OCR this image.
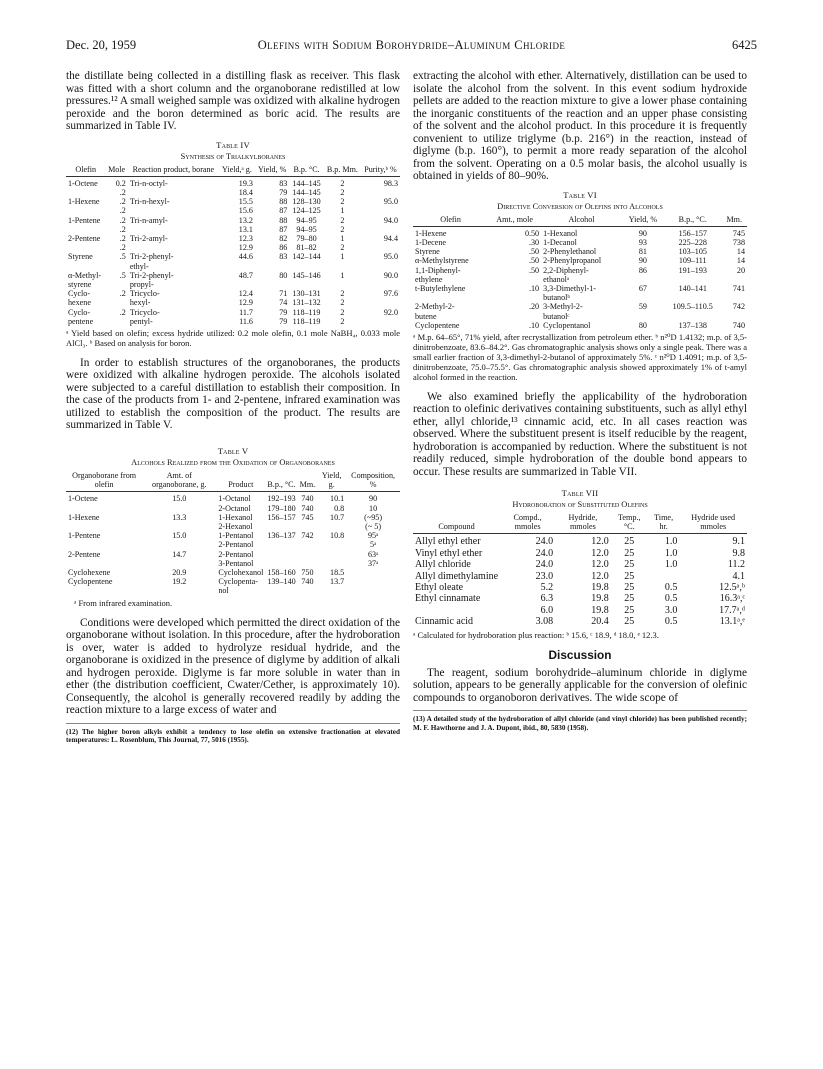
Dec. 20, 1959	Olefins with Sodium Borohydride–Aluminum Chloride	6425

the distillate being collected in a distilling flask as receiver. This flask was fitted with a short column and the organoborane redistilled at low pressures.¹² A small weighed sample was oxidized with alkaline hydrogen peroxide and the boron determined as boric acid. The results are summarized in Table IV.

Table IV
Synthesis of Trialkylboranes
Olefin	Mole	Reaction product, borane	Yield,ᵃ g.	Yield, %	B.p. °C.	B.p. Mm.	Purity,ᵇ %
1-Octene	0.2	Tri-n-octyl-	19.3	83	144–145	2	98.3
	.2		18.4	79	144–145	2	
1-Hexene	.2	Tri-n-hexyl-	15.5	88	128–130	2	95.0
	.2		15.6	87	124–125	1	
1-Pentene	.2	Tri-n-amyl-	13.2	88	94–95	2	94.0
	.2		13.1	87	94–95	2	
2-Pentene	.2	Tri-2-amyl-	12.3	82	79–80	1	94.4
	.2		12.9	86	81–82	2	
Styrene	.5	Tri-2-phenyl-	44.6	83	142–144	1	95.0
		ethyl-					
α-Methyl-	.5	Tri-2-phenyl-	48.7	80	145–146	1	90.0
styrene		propyl-					
Cyclo-	.2	Tricyclo-	12.4	71	130–131	2	97.6
hexene		hexyl-	12.9	74	131–132	2	
Cyclo-	.2	Tricyclo-	11.7	79	118–119	2	92.0
pentene		pentyl-	11.6	79	118–119	2	

ᵃ Yield based on olefin; excess hydride utilized: 0.2 mole olefin, 0.1 mole NaBH₄, 0.033 mole AlCl₃. ᵇ Based on analysis for boron.

In order to establish structures of the organoboranes, the products were oxidized with alkaline hydrogen peroxide. The alcohols isolated were subjected to a careful distillation to establish their composition. In the case of the products from 1- and 2-pentene, infrared examination was utilized to establish the composition of the product. The results are summarized in Table V.

Table V
Alcohols Realized from the Oxidation of Organoboranes
Organoborane from olefin	Amt. of organoborane, g.	Product	B.p., °C.	Mm.	Yield, g.	Composition, %
1-Octene	15.0	1-Octanol	192–193	740	10.1	90
		2-Octanol	179–180	740	0.8	10
1-Hexene	13.3	1-Hexanol	156–157	745	10.7	(~95)
		2-Hexanol				(~ 5)
1-Pentene	15.0	1-Pentanol	136–137	742	10.8	95ᵃ
		2-Pentanol				5ᵃ
2-Pentene	14.7	2-Pentanol				63ᵃ
		3-Pentanol				37ᵃ
Cyclohexene	20.9	Cyclohexanol	158–160	750	18.5	
Cyclopentene	19.2	Cyclopenta-	139–140	740	13.7	
		nol				

ᵃ From infrared examination.

Conditions were developed which permitted the direct oxidation of the organoborane without isolation. In this procedure, after the hydroboration is over, water is added to hydrolyze residual hydride, and the organoborane is oxidized in the presence of diglyme by addition of alkali and hydrogen peroxide. Diglyme is far more soluble in water than in ether (the distribution coefficient, Cwater/Cether, is approximately 10). Consequently, the alcohol is generally recovered readily by adding the reaction mixture to a large excess of water and

(12) The higher boron alkyls exhibit a tendency to lose olefin on extensive fractionation at elevated temperatures: L. Rosenblum, This Journal, 77, 5016 (1955).

extracting the alcohol with ether. Alternatively, distillation can be used to isolate the alcohol from the solvent. In this event sodium hydroxide pellets are added to the reaction mixture to give a lower phase containing the inorganic constituents of the reaction and an upper phase consisting of the solvent and the alcohol product. In this procedure it is frequently convenient to utilize triglyme (b.p. 216°) in the reaction, instead of diglyme (b.p. 160°), to permit a more ready separation of the alcohol from the solvent. Operating on a 0.5 molar basis, the alcohol usually is obtained in yields of 80–90%.

Table VI
Directive Conversion of Olefins into Alcohols
Olefin	Amt., mole	Alcohol	Yield, %	B.p., °C.	Mm.
1-Hexene	0.50	1-Hexanol	90	156–157	745
1-Decene	.30	1-Decanol	93	225–228	738
Styrene	.50	2-Phenylethanol	81	103–105	14
α-Methylstyrene	.50	2-Phenylpropanol	90	109–111	14
1,1-Diphenyl-	.50	2,2-Diphenyl-	86	191–193	20
ethylene		ethanolᵃ			
t-Butylethylene	.10	3,3-Dimethyl-1-	67	140–141	741
		butanolᵇ			
2-Methyl-2-	.20	3-Methyl-2-	59	109.5–110.5	742
butene		butanolᶜ			
Cyclopentene	.10	Cyclopentanol	80	137–138	740

ᵃ M.p. 64–65°, 71% yield, after recrystallization from petroleum ether. ᵇ n²⁰D 1.4132; m.p. of 3,5-dinitrobenzoate, 83.6–84.2°. Gas chromatographic analysis shows only a single peak. There was a small earlier fraction of 3,3-dimethyl-2-butanol of approximately 5%. ᶜ n²⁰D 1.4091; m.p. of 3,5-dinitrobenzoate, 75.0–75.5°. Gas chromatographic analysis showed approximately 1% of t-amyl alcohol formed in the reaction.

We also examined briefly the applicability of the hydroboration reaction to olefinic derivatives containing substituents, such as allyl ethyl ether, allyl chloride,¹³ cinnamic acid, etc. In all cases reaction was observed. Where the substituent present is itself reducible by the reagent, hydroboration is accompanied by reduction. Where the substituent is not readily reduced, simple hydroboration of the double bond appears to occur. These results are summarized in Table VII.

Table VII
Hydroboration of Substituted Olefins
Compound	Compd., mmoles	Hydride, mmoles	Temp., °C.	Time, hr.	Hydride used mmoles
Allyl ethyl ether	24.0	12.0	25	1.0	9.1
Vinyl ethyl ether	24.0	12.0	25	1.0	9.8
Allyl chloride	24.0	12.0	25	1.0	11.2
Allyl dimethylamine	23.0	12.0	25		4.1
Ethyl oleate	5.2	19.8	25	0.5	12.5ᵃ,ᵇ
Ethyl cinnamate	6.3	19.8	25	0.5	16.3ᵃ,ᶜ
	6.0	19.8	25	3.0	17.7ᵃ,ᵈ
Cinnamic acid	3.08	20.4	25	0.5	13.1ᵃ,ᵉ

ᵃ Calculated for hydroboration plus reaction: ᵇ 15.6, ᶜ 18.9, ᵈ 18.0, ᵉ 12.3.

Discussion

The reagent, sodium borohydride–aluminum chloride in diglyme solution, appears to be generally applicable for the conversion of olefinic compounds to organoboron derivatives. The wide scope of

(13) A detailed study of the hydroboration of allyl chloride (and vinyl chloride) has been published recently; M. F. Hawthorne and J. A. Dupont, ibid., 80, 5830 (1958).
